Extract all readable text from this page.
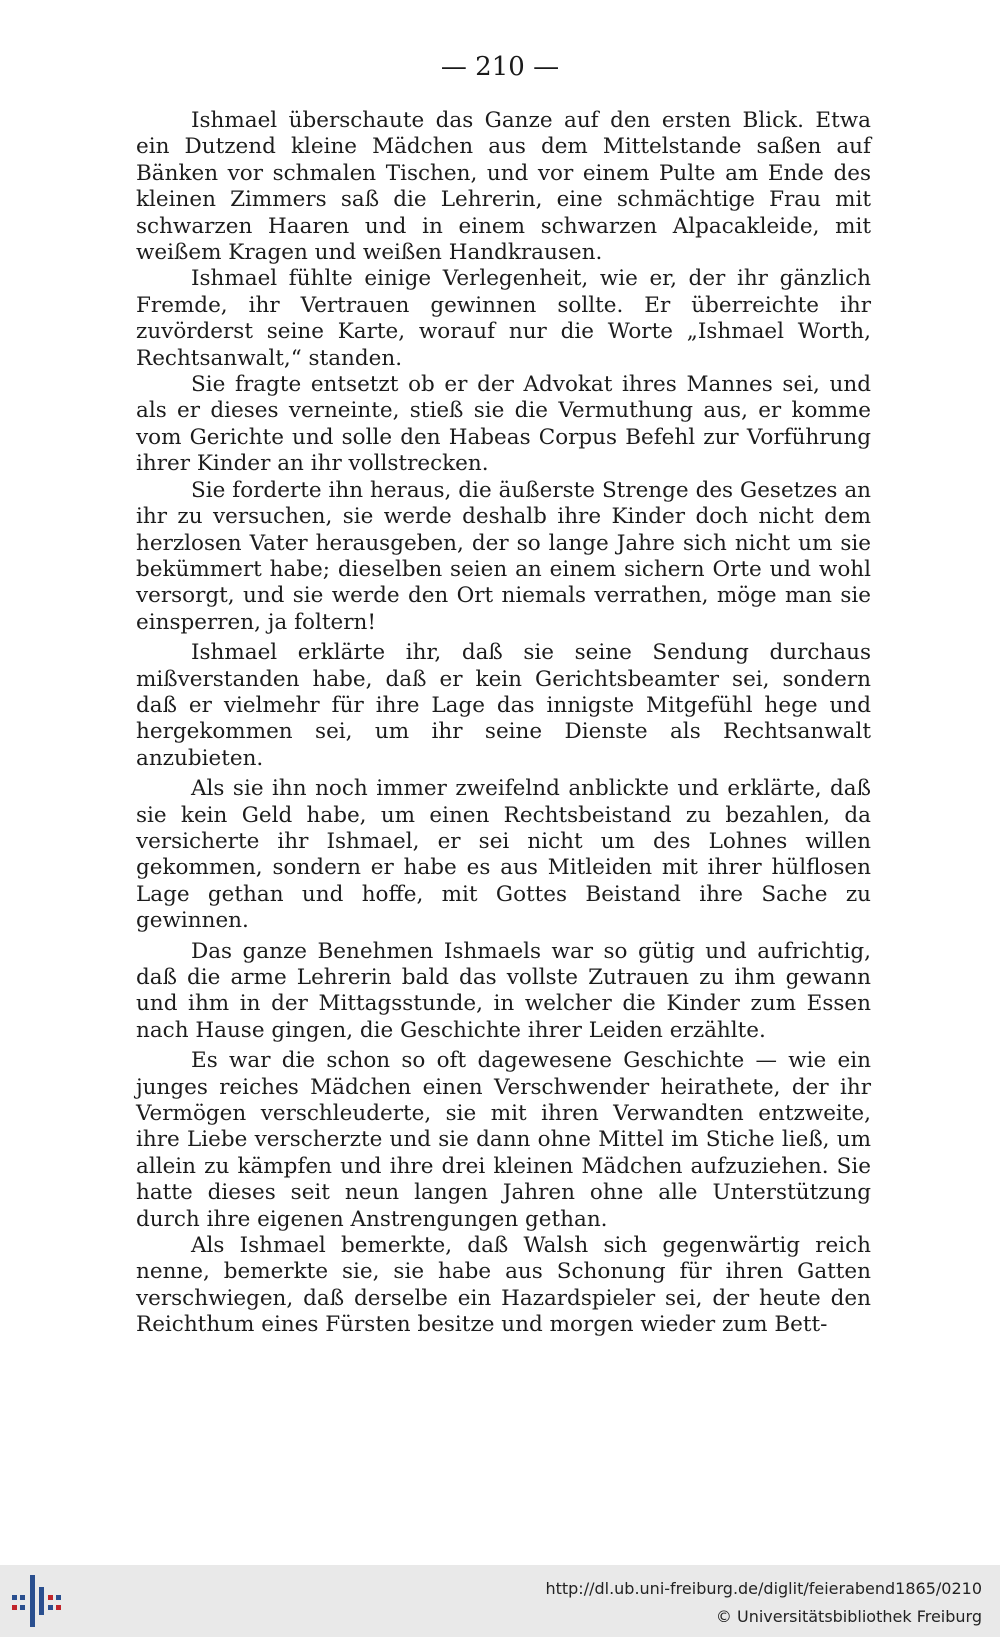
— 210 —

Ishmael überschaute das Ganze auf den ersten Blick. Etwa ein Dutzend kleine Mädchen aus dem Mittelstande saßen auf Bänken vor schmalen Tischen, und vor einem Pulte am Ende des kleinen Zimmers saß die Lehrerin, eine schmächtige Frau mit schwarzen Haaren und in einem schwarzen Alpacakleide, mit weißem Kragen und weißen Handkrausen.

Ishmael fühlte einige Verlegenheit, wie er, der ihr gänzlich Fremde, ihr Vertrauen gewinnen sollte. Er überreichte ihr zuvörderst seine Karte, worauf nur die Worte „Ishmael Worth, Rechtsanwalt,“ standen.

Sie fragte entsetzt ob er der Advokat ihres Mannes sei, und als er dieses verneinte, stieß sie die Vermuthung aus, er komme vom Gerichte und solle den Habeas Corpus Befehl zur Vorführung ihrer Kinder an ihr vollstrecken.

Sie forderte ihn heraus, die äußerste Strenge des Gesetzes an ihr zu versuchen, sie werde deshalb ihre Kinder doch nicht dem herzlosen Vater herausgeben, der so lange Jahre sich nicht um sie bekümmert habe; dieselben seien an einem sichern Orte und wohl versorgt, und sie werde den Ort niemals verrathen, möge man sie einsperren, ja foltern!

Ishmael erklärte ihr, daß sie seine Sendung durchaus mißverstanden habe, daß er kein Gerichtsbeamter sei, sondern daß er vielmehr für ihre Lage das innigste Mitgefühl hege und hergekommen sei, um ihr seine Dienste als Rechtsanwalt anzubieten.

Als sie ihn noch immer zweifelnd anblickte und erklärte, daß sie kein Geld habe, um einen Rechtsbeistand zu bezahlen, da versicherte ihr Ishmael, er sei nicht um des Lohnes willen gekommen, sondern er habe es aus Mitleiden mit ihrer hülflosen Lage gethan und hoffe, mit Gottes Beistand ihre Sache zu gewinnen.

Das ganze Benehmen Ishmaels war so gütig und aufrichtig, daß die arme Lehrerin bald das vollste Zutrauen zu ihm gewann und ihm in der Mittagsstunde, in welcher die Kinder zum Essen nach Hause gingen, die Geschichte ihrer Leiden erzählte.

Es war die schon so oft dagewesene Geschichte — wie ein junges reiches Mädchen einen Verschwender heirathete, der ihr Vermögen verschleuderte, sie mit ihren Verwandten entzweite, ihre Liebe verscherzte und sie dann ohne Mittel im Stiche ließ, um allein zu kämpfen und ihre drei kleinen Mädchen aufzuziehen. Sie hatte dieses seit neun langen Jahren ohne alle Unterstützung durch ihre eigenen Anstrengungen gethan.

Als Ishmael bemerkte, daß Walsh sich gegenwärtig reich nenne, bemerkte sie, sie habe aus Schonung für ihren Gatten verschwiegen, daß derselbe ein Hazardspieler sei, der heute den Reichthum eines Fürsten besitze und morgen wieder zum Bett-

http://dl.ub.uni-freiburg.de/diglit/feierabend1865/0210
© Universitätsbibliothek Freiburg
